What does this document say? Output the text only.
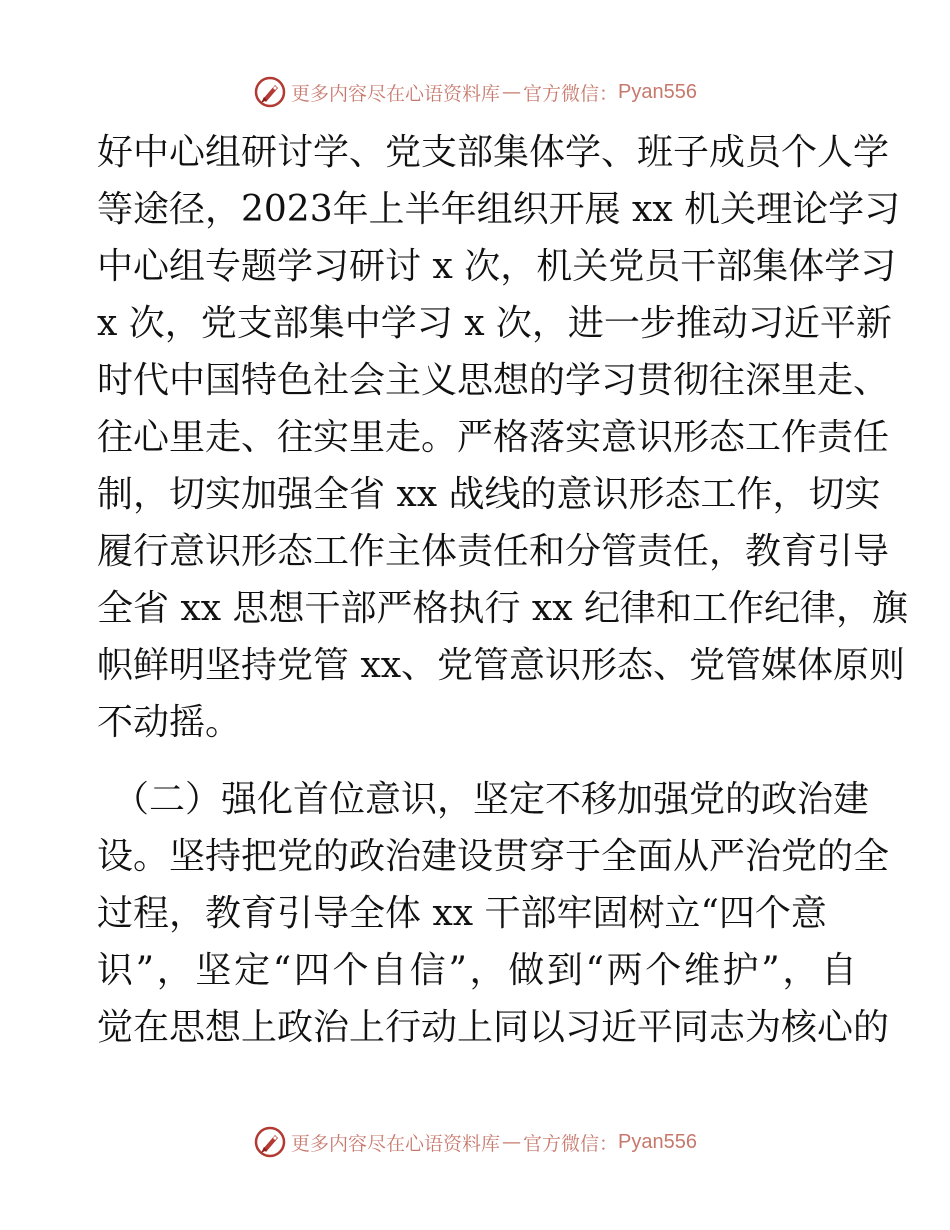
更多内容尽在心语资料库 — 官方微信： Pyan556
好中心组研讨学、党支部集体学、班子成员个人学
等途径，2023年上半年组织开展 xx 机关理论学习
中心组专题学习研讨 x 次，机关党员干部集体学习
x 次，党支部集中学习 x 次，进一步推动习近平新
时代中国特色社会主义思想的学习贯彻往深里走、
往心里走、往实里走。严格落实意识形态工作责任
制，切实加强全省 xx 战线的意识形态工作，切实
履行意识形态工作主体责任和分管责任，教育引导
全省 xx 思想干部严格执行 xx 纪律和工作纪律，旗
帜鲜明坚持党管 xx、党管意识形态、党管媒体原则
不动摇。
（二）强化首位意识，坚定不移加强党的政治建
设。坚持把党的政治建设贯穿于全面从严治党的全
过程，教育引导全体 xx 干部牢固树立“四个意
识”，坚定“四个自信”，做到“两个维护”，自
觉在思想上政治上行动上同以习近平同志为核心的
更多内容尽在心语资料库 — 官方微信： Pyan556
